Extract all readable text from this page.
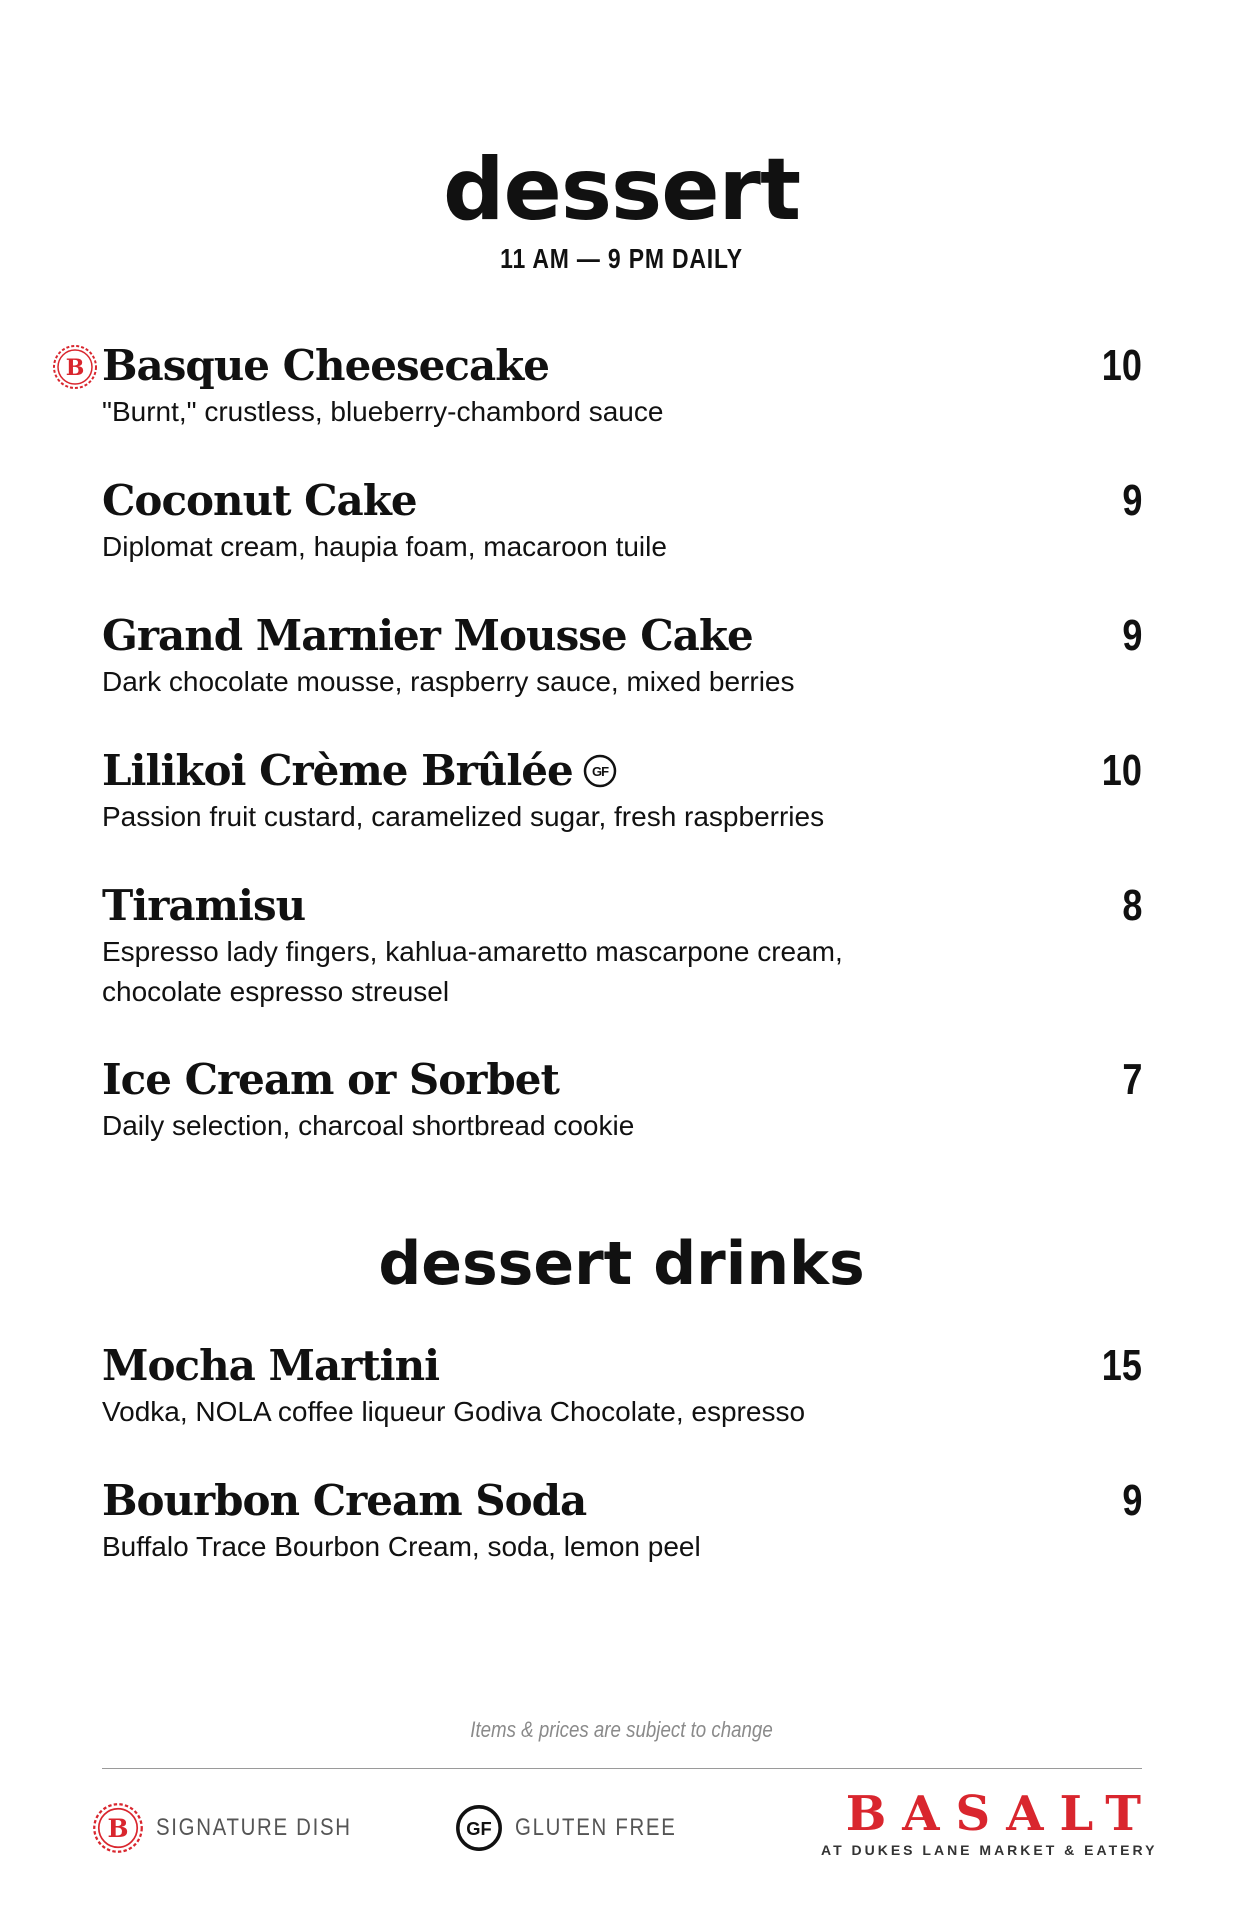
dessert
11 AM — 9 PM DAILY
B Basque Cheesecake
"Burnt," crustless, blueberry-chambord sauce
10
Coconut Cake
Diplomat cream, haupia foam, macaroon tuile
9
Grand Marnier Mousse Cake
Dark chocolate mousse, raspberry sauce, mixed berries
9
Lilikoi Crème Brûlée GF
Passion fruit custard, caramelized sugar, fresh raspberries
10
Tiramisu
Espresso lady fingers, kahlua-amaretto mascarpone cream, chocolate espresso streusel
8
Ice Cream or Sorbet
Daily selection, charcoal shortbread cookie
7
dessert drinks
Mocha Martini
Vodka, NOLA coffee liqueur Godiva Chocolate, espresso
15
Bourbon Cream Soda
Buffalo Trace Bourbon Cream, soda, lemon peel
9
Items & prices are subject to change
B SIGNATURE DISH	GF GLUTEN FREE	BASALT
AT DUKES LANE MARKET & EATERY
